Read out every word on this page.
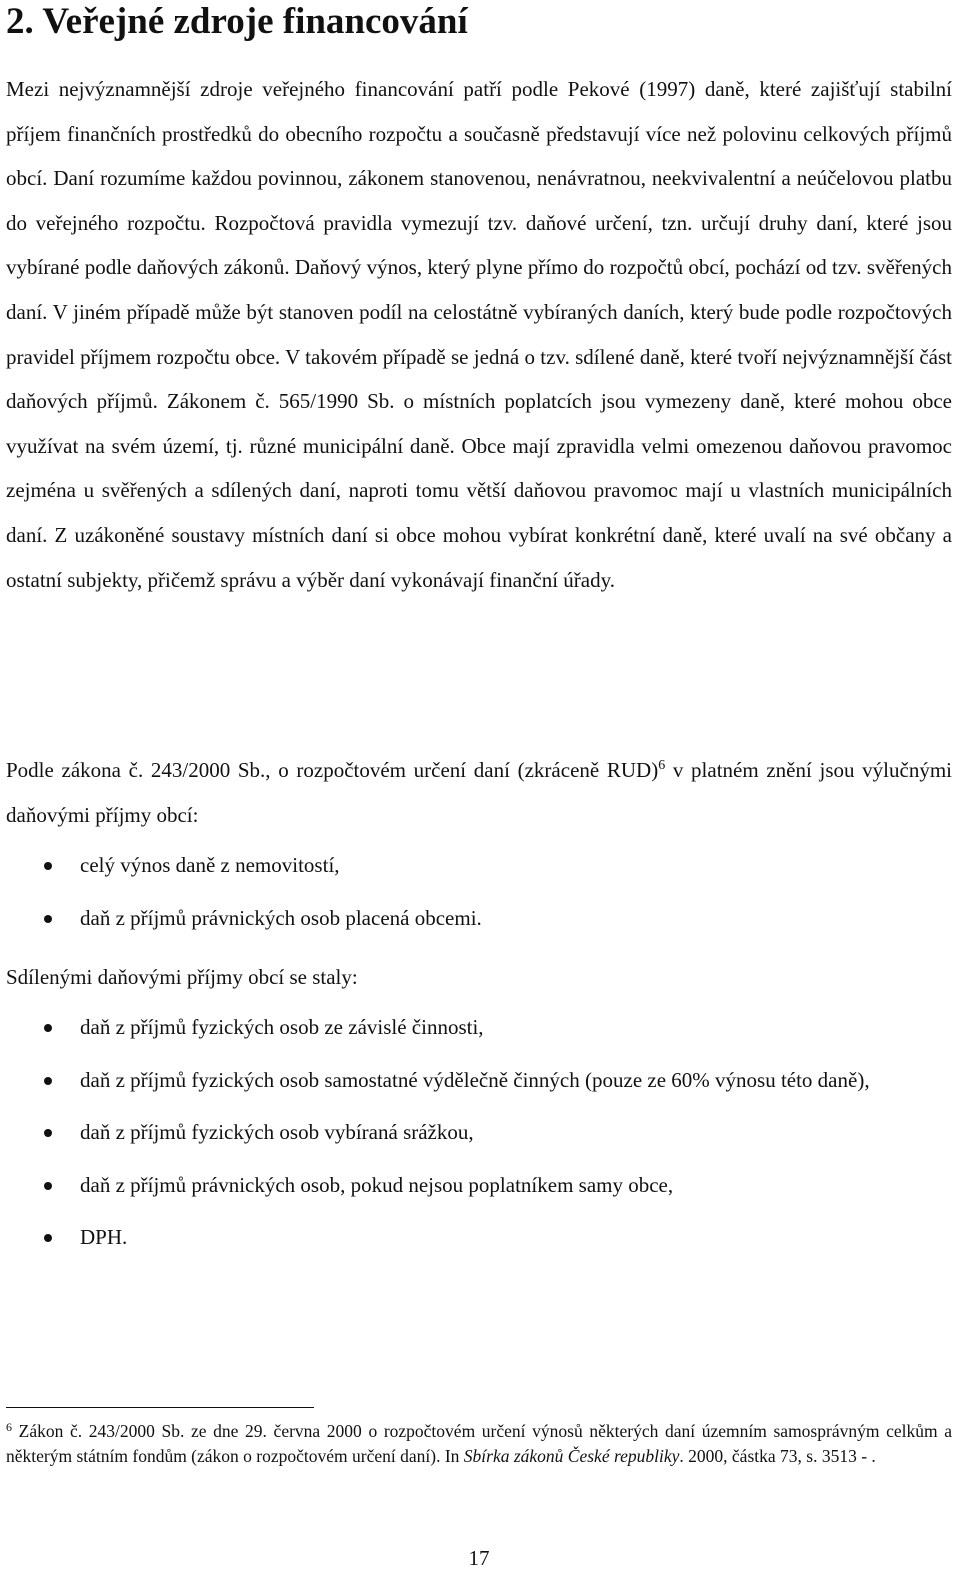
2. Veřejné zdroje financování

Mezi nejvýznamnější zdroje veřejného financování patří podle Pekové (1997) daně, které zajišťují stabilní příjem finančních prostředků do obecního rozpočtu a současně představují více než polovinu celkových příjmů obcí. Daní rozumíme každou povinnou, zákonem stanovenou, nenávratnou, neekvivalentní a neúčelovou platbu do veřejného rozpočtu. Rozpočtová pravidla vymezují tzv. daňové určení, tzn. určují druhy daní, které jsou vybírané podle daňových zákonů. Daňový výnos, který plyne přímo do rozpočtů obcí, pochází od tzv. svěřených daní. V jiném případě může být stanoven podíl na celostátně vybíraných daních, který bude podle rozpočtových pravidel příjmem rozpočtu obce. V takovém případě se jedná o tzv. sdílené daně, které tvoří nejvýznamnější část daňových příjmů. Zákonem č. 565/1990 Sb. o místních poplatcích jsou vymezeny daně, které mohou obce využívat na svém území, tj. různé municipální daně. Obce mají zpravidla velmi omezenou daňovou pravomoc zejména u svěřených a sdílených daní, naproti tomu větší daňovou pravomoc mají u vlastních municipálních daní. Z uzákoněné soustavy místních daní si obce mohou vybírat konkrétní daně, které uvalí na své občany a ostatní subjekty, přičemž správu a výběr daní vykonávají finanční úřady.

Podle zákona č. 243/2000 Sb., o rozpočtovém určení daní (zkráceně RUD)$^6$ v platném znění jsou výlučnými daňovými příjmy obcí:

celý výnos daně z nemovitostí,
daň z příjmů právnických osob placená obcemi.

Sdílenými daňovými příjmy obcí se staly:

daň z příjmů fyzických osob ze závislé činnosti,
daň z příjmů fyzických osob samostatné výdělečně činných (pouze ze 60% výnosu této daně),
daň z příjmů fyzických osob vybíraná srážkou,
daň z příjmů právnických osob, pokud nejsou poplatníkem samy obce,
DPH.
$^6$ Zákon č. 243/2000 Sb. ze dne 29. června 2000 o rozpočtovém určení výnosů některých daní územním samosprávným celkům a některým státním fondům (zákon o rozpočtovém určení daní). In Sbírka zákonů České republiky. 2000, částka 73, s. 3513 - .
17
